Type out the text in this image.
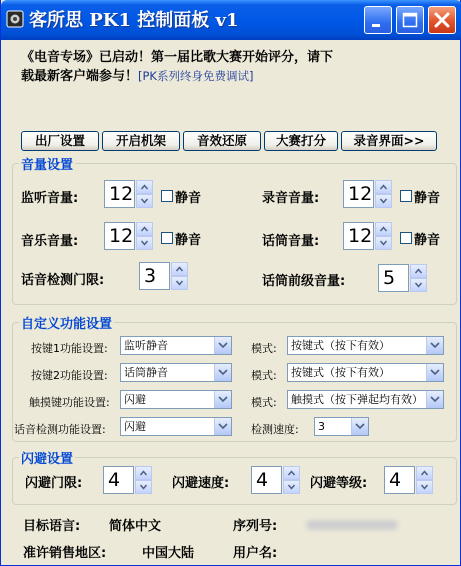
客所思 PK1 控制面板 v1
《电音专场》已启动！第一届比歌大赛开始评分，请下
载最新客户端参与！[PK系列终身免费调试]
出厂设置	开启机架	音效还原	大赛打分	录音界面>>
音量设置
监听音量: 12	静音	录音音量: 12	静音
音乐音量: 12	静音	话筒音量: 12	静音
话音检测门限: 3	话筒前级音量: 5
自定义功能设置
按键1功能设置:	监听静音	模式:	按键式（按下有效）
按键2功能设置:	话筒静音	模式:	按键式（按下有效）
触摸键功能设置:	闪避	模式:	触摸式（按下弹起均有效）
话音检测功能设置:	闪避	检测速度:	3
闪避设置
闪避门限: 4	闪避速度: 4	闪避等级: 4
目标语言: 简体中文	序列号:
准许销售地区:	中国大陆	用户名:
